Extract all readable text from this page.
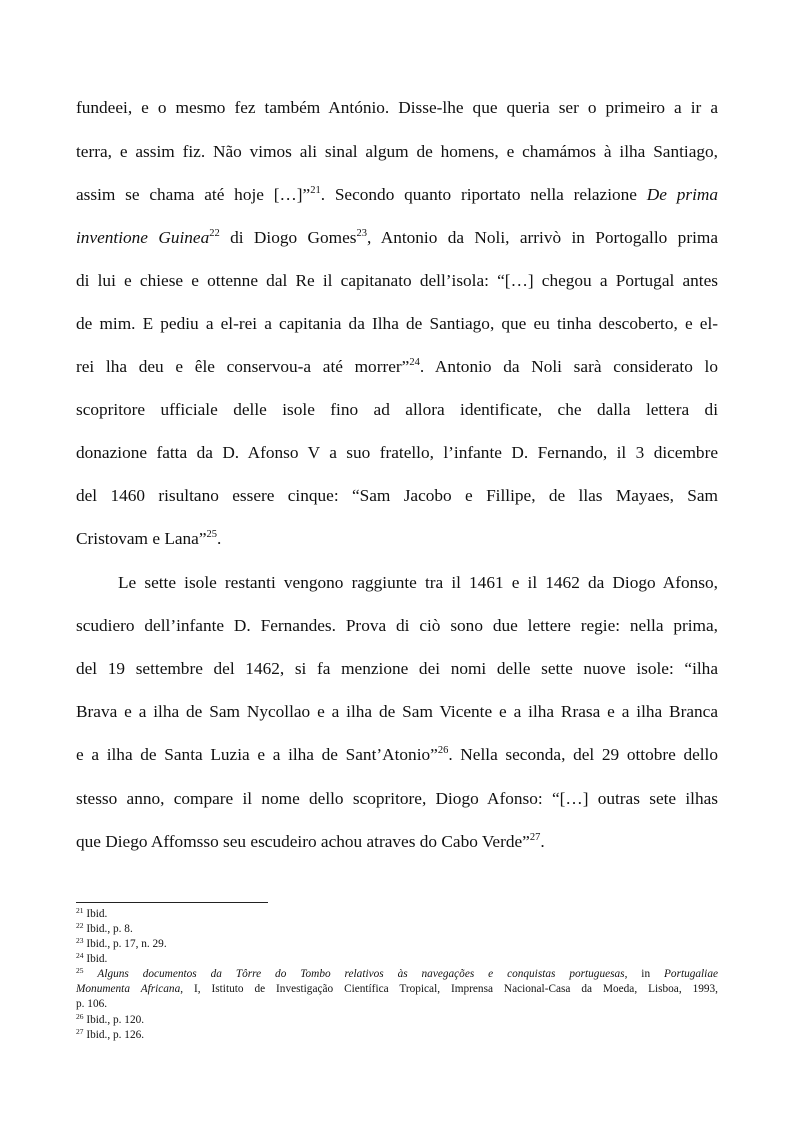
fundeei, e o mesmo fez também António. Disse-lhe que queria ser o primeiro a ir a
terra, e assim fiz. Não vimos ali sinal algum de homens, e chamámos à ilha Santiago,
assim se chama até hoje […]”$^{21}$. Secondo quanto riportato nella relazione De prima
inventione Guinea$^{22}$ di Diogo Gomes$^{23}$, Antonio da Noli, arrivò in Portogallo prima
di lui e chiese e ottenne dal Re il capitanato dell’isola: “[…] chegou a Portugal antes
de mim. E pediu a el-rei a capitania da Ilha de Santiago, que eu tinha descoberto, e el-
rei lha deu e êle conservou-a até morrer”$^{24}$. Antonio da Noli sarà considerato lo
scopritore ufficiale delle isole fino ad allora identificate, che dalla lettera di
donazione fatta da D. Afonso V a suo fratello, l’infante D. Fernando, il 3 dicembre
del 1460 risultano essere cinque: “Sam Jacobo e Fillipe, de llas Mayaes, Sam
Cristovam e Lana”$^{25}$.
Le sette isole restanti vengono raggiunte tra il 1461 e il 1462 da Diogo Afonso,
scudiero dell’infante D. Fernandes. Prova di ciò sono due lettere regie: nella prima,
del 19 settembre del 1462, si fa menzione dei nomi delle sette nuove isole: “ilha
Brava e a ilha de Sam Nycollao e a ilha de Sam Vicente e a ilha Rrasa e a ilha Branca
e a ilha de Santa Luzia e a ilha de Sant’Atonio”$^{26}$. Nella seconda, del 29 ottobre dello
stesso anno, compare il nome dello scopritore, Diogo Afonso: “[…] outras sete ilhas
que Diego Affomsso seu escudeiro achou atraves do Cabo Verde”$^{27}$.
$^{21}$ Ibid.
$^{22}$ Ibid., p. 8.
$^{23}$ Ibid., p. 17, n. 29.
$^{24}$ Ibid.
$^{25}$ Alguns documentos da Tôrre do Tombo relativos às navegações e conquistas portuguesas, in Portugaliae
Monumenta Africana, I, Istituto de Investigação Científica Tropical, Imprensa Nacional-Casa da Moeda, Lisboa, 1993,
p. 106.
$^{26}$ Ibid., p. 120.
$^{27}$ Ibid., p. 126.
